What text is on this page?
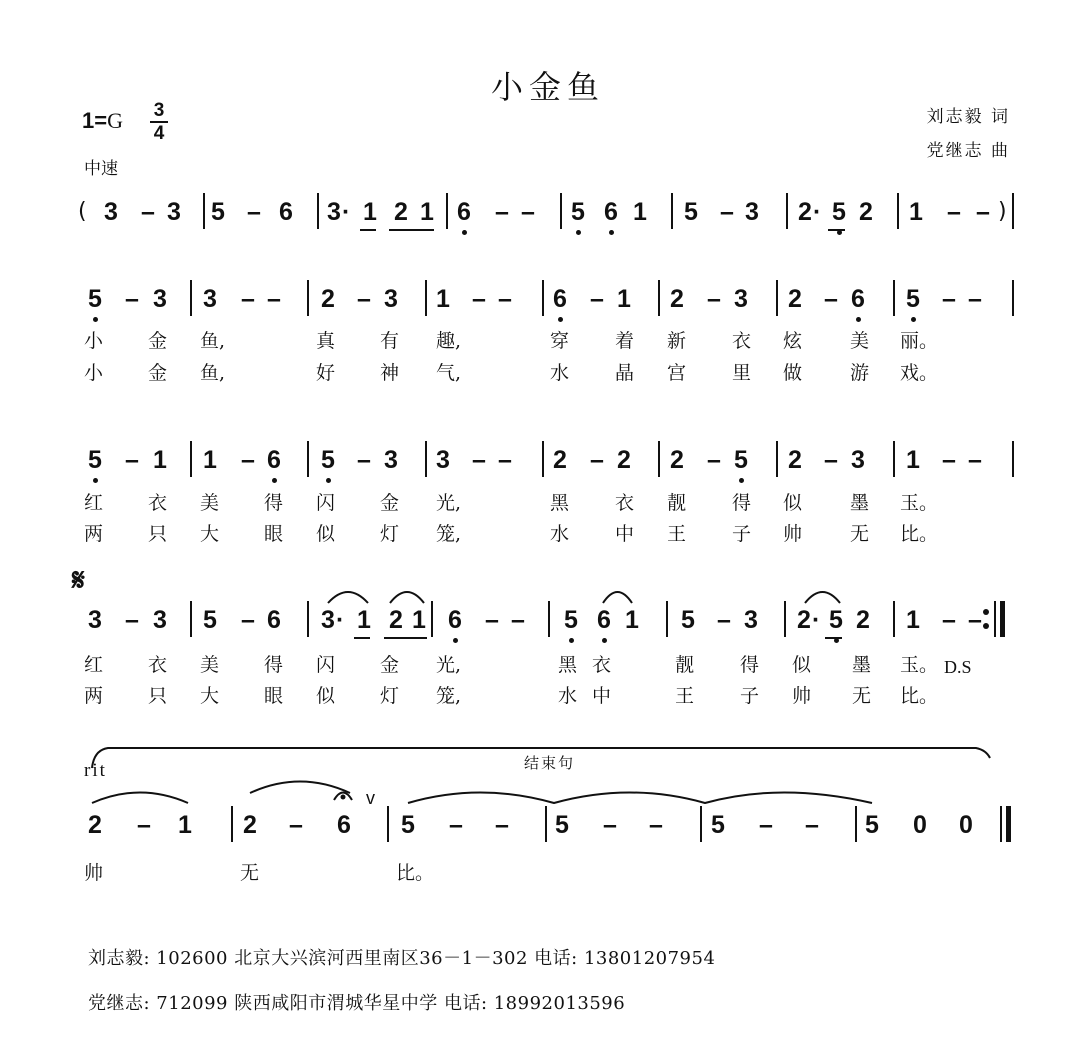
小金鱼
$1=G \frac{3}{4}$
中速
刘志毅 词
党继志 曲
𝄋
rit	结束句
(	)
3 – 3 5 – 6 3 · 1 2 1 6 – – 5 6 1 5 – 3 2 · 5 2 1 – –
5 – 3 3 – – 2 – 3 1 – – 6 – 1 2 – 3 2 – 6 5 – –
小 金 鱼,	真 有 趣,	穿 着 新 衣 炫	美 丽。
小 金 鱼,	好 神 气,	水 晶 宫 里 做	游 戏。
5 – 1 1 – 6 5 – 3 3 – – 2 – 2 2 – 5 2 – 3 1 – –
红 衣 美 得 闪 金 光,	黑 衣 靓 得 似	墨 玉。
两 只 大 眼 似 灯 笼,	水 中 王 子 帅	无 比。
3 – 3 5 – 6 3 · 1 2 1 6 – – 5 6 1 5 – 3 2 · 5 2 1 – –
红 衣 美 得 闪 金 光,	黑 衣	靓 得 似 墨 玉。
两 只 大 眼 似 灯 笼,	水 中	王 子 帅 无 比。
D.S
2 – 1 2 – 6 5 – – 5 – – 5 – – 5 0 0
帅	无	比。
v
刘志毅: 102600 北京大兴滨河西里南区36－1－302 电话: 13801207954
党继志: 712099 陕西咸阳市渭城华星中学 电话: 18992013596
